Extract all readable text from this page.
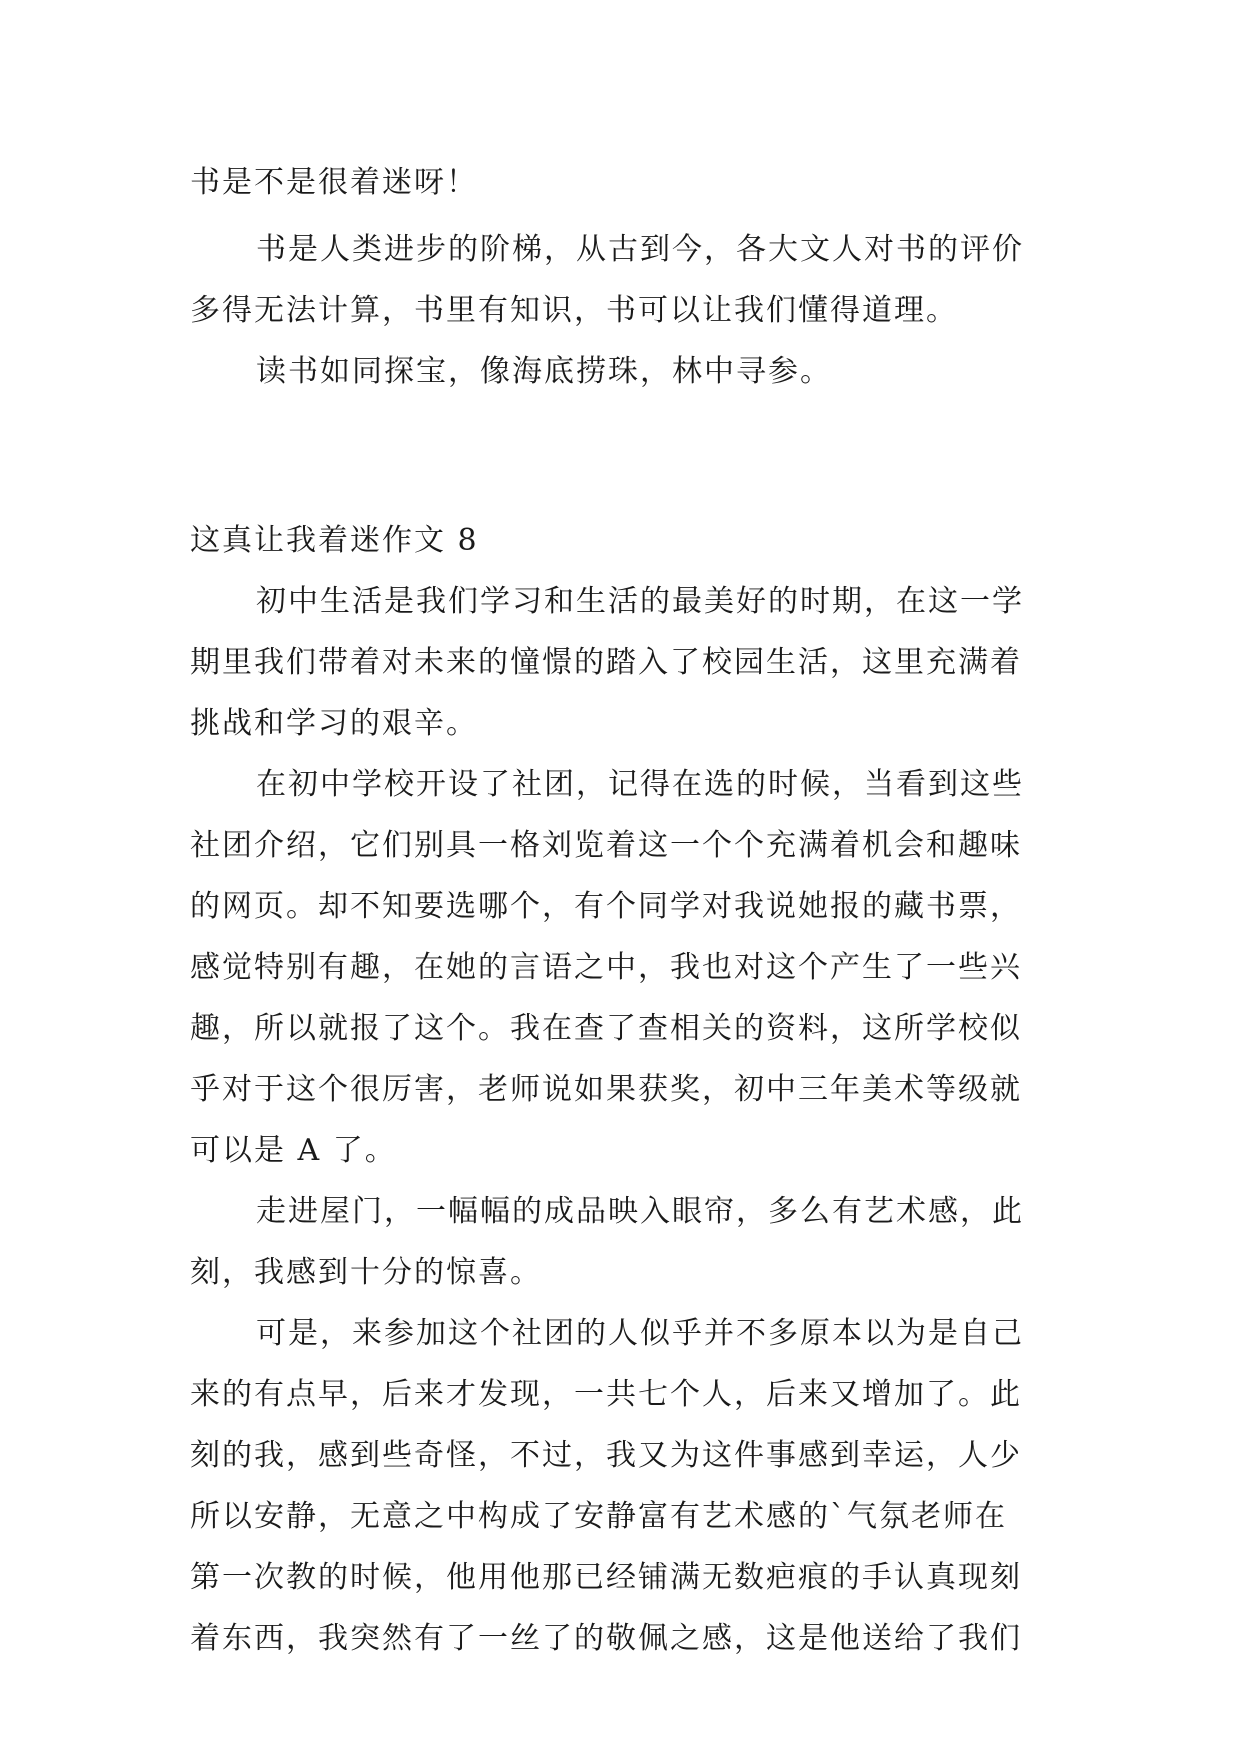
书是不是很着迷呀！
书是人类进步的阶梯，从古到今，各大文人对书的评价
多得无法计算，书里有知识，书可以让我们懂得道理。
读书如同探宝，像海底捞珠，林中寻参。
这真让我着迷作文 8
初中生活是我们学习和生活的最美好的时期，在这一学
期里我们带着对未来的憧憬的踏入了校园生活，这里充满着
挑战和学习的艰辛。
在初中学校开设了社团，记得在选的时候，当看到这些
社团介绍，它们别具一格刘览着这一个个充满着机会和趣味
的网页。却不知要选哪个，有个同学对我说她报的藏书票，
感觉特别有趣，在她的言语之中，我也对这个产生了一些兴
趣，所以就报了这个。我在查了查相关的资料，这所学校似
乎对于这个很厉害，老师说如果获奖，初中三年美术等级就
可以是 A 了。
走进屋门，一幅幅的成品映入眼帘，多么有艺术感，此
刻，我感到十分的惊喜。
可是，来参加这个社团的人似乎并不多原本以为是自己
来的有点早，后来才发现，一共七个人，后来又增加了。此
刻的我，感到些奇怪，不过，我又为这件事感到幸运，人少
所以安静，无意之中构成了安静富有艺术感的`气氛老师在
第一次教的时候，他用他那已经铺满无数疤痕的手认真现刻
着东西，我突然有了一丝了的敬佩之感，这是他送给了我们
